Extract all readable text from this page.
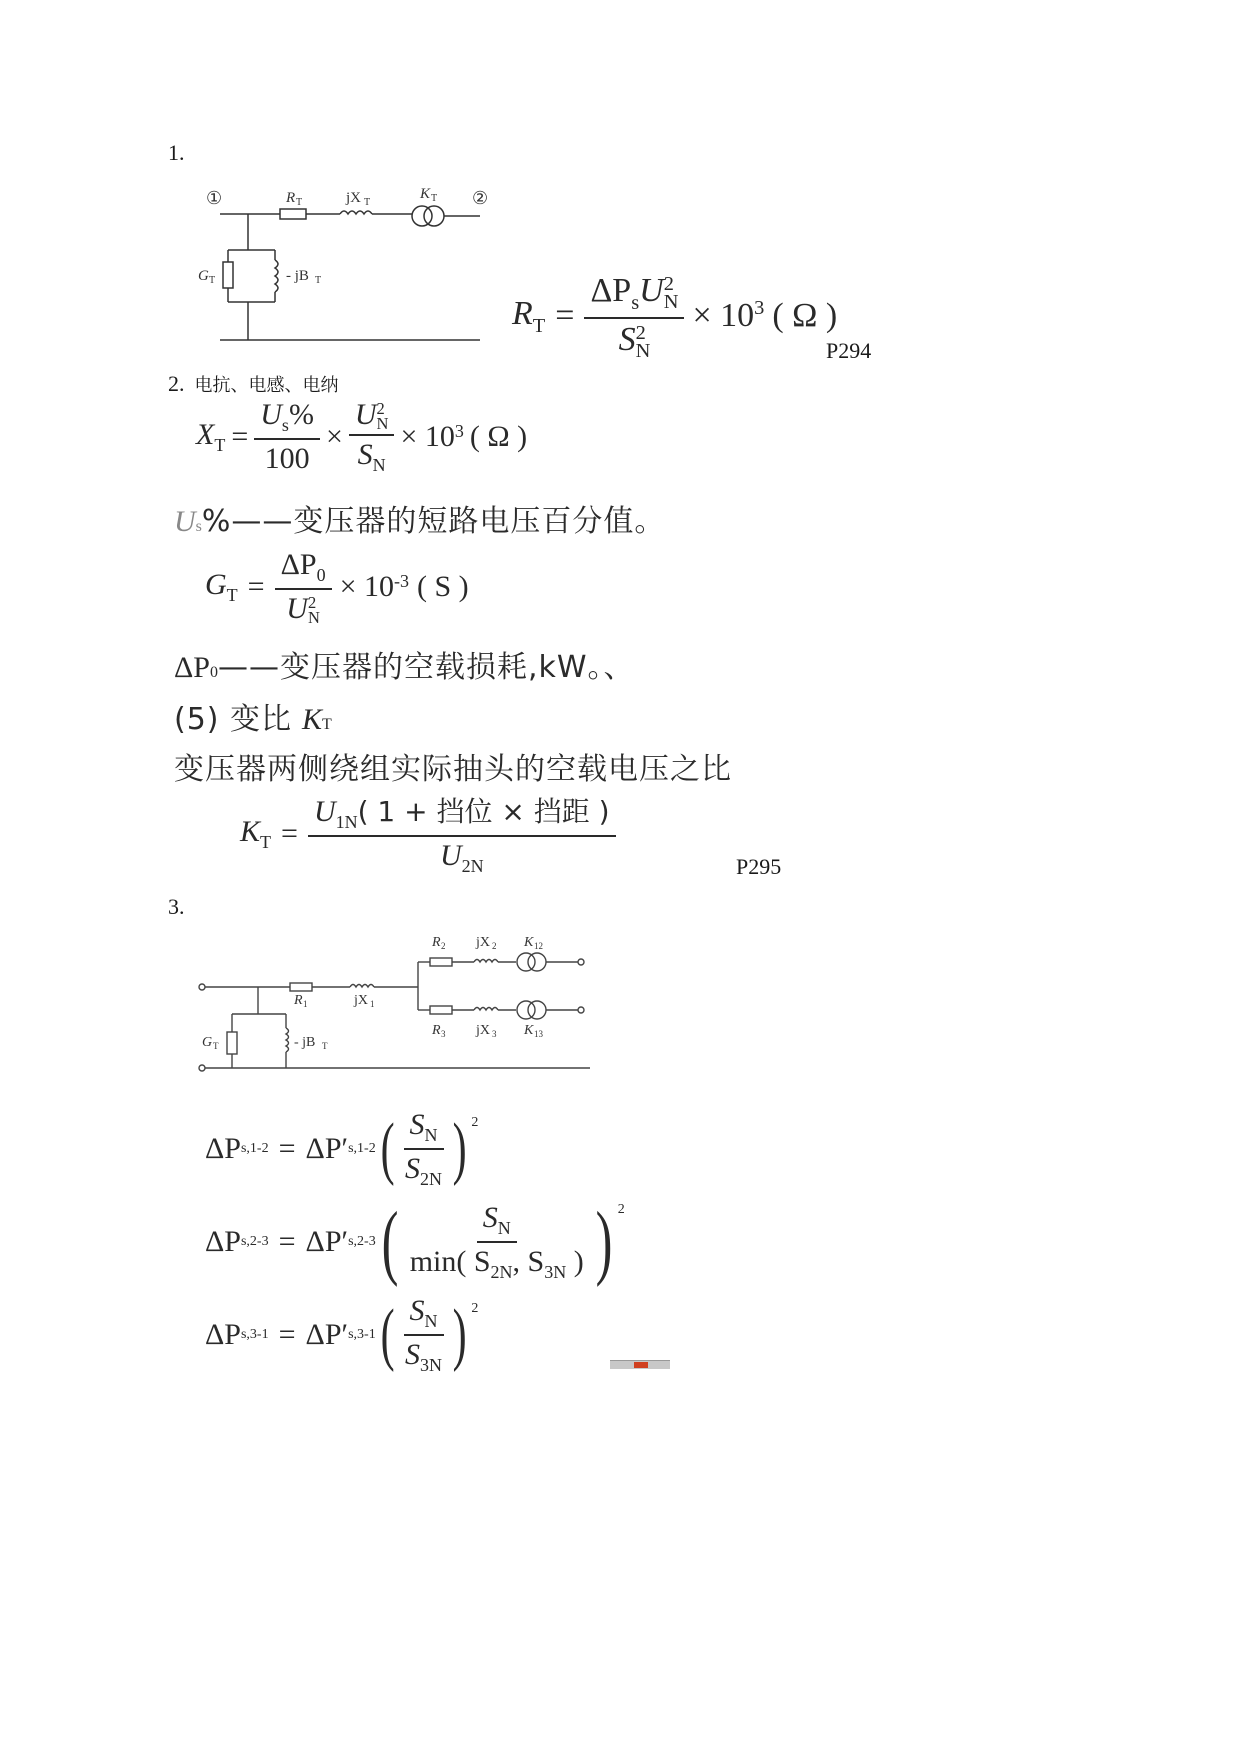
1.
①	②
R T	jX T
K T
G T	- jB T
$R_T = \Delta P_sU$ 2
N
S 2
$N \times 10^3$ ( Ω )
P294
2. 电抗、电感、电纳
$X_T = \frac{U_s\%}{100} \times U$ 2
N
$S_N \times 10^3$ ( Ω )
U s %——变压器的短路电压百分值。
$G_T = \Delta P_0$
U 2
$N \times 10^{-3}$ ( S )
ΔP 0 ——变压器的空载损耗,kW。、
(5) 变比 K T
变压器两侧绕组实际抽头的空载电压之比
$K_T = \frac{U_{1N}( 1 + 挡位 \times 挡距 )}{U_{2N}}$	P295
3.
R 2 jX 2 K 12
R 1	jX 1
R 3 jX 3 K 13
G T	- jB T
ΔP s,1-2 = ΔP′ s,1-2 ( $\frac{S_N}{S_{2N}}$ ) $^2$
ΔP s,2-3 = ΔP′ s,2-3 ( $\frac{S_N}{\min( S_{2N}, S_{3N} )}$ ) $^2$
ΔP s,3-1 = ΔP′ s,3-1 ( $\frac{S_N}{S_{3N}}$ ) $^2$
